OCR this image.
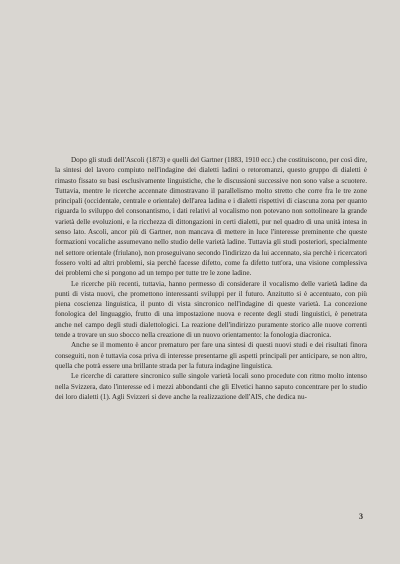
Dopo gli studi dell'Ascoli (1873) e quelli del Gartner (1883, 1910 ecc.) che costituiscono, per così dire, la sintesi del lavoro compiuto nell'indagine dei dialetti ladini o retoromanzi, questo gruppo di dialetti è rimasto fissato su basi esclusivamente linguistiche, che le discussioni successive non sono valse a scuotere. Tuttavia, mentre le ricerche accennate dimostravano il parallelismo molto stretto che corre fra le tre zone principali (occidentale, centrale e orientale) dell'area ladina e i dialetti rispettivi di ciascuna zona per quanto riguarda lo sviluppo del consonantismo, i dati relativi al vocalismo non potevano non sottolineare la grande varietà delle evoluzioni, e la ricchezza di dittongazioni in certi dialetti, pur nel quadro di una unità intesa in senso lato. Ascoli, ancor più di Gartner, non mancava di mettere in luce l'interesse preminente che queste formazioni vocaliche assumevano nello studio delle varietà ladine. Tuttavia gli studi posteriori, specialmente nel settore orientale (friulano), non proseguivano secondo l'indirizzo da lui accennato, sia perchè i ricercatori fossero volti ad altri problemi, sia perchè facesse difetto, come fa difetto tutt'ora, una visione complessiva dei problemi che si pongono ad un tempo per tutte tre le zone ladine.

Le ricerche più recenti, tuttavia, hanno permesso di considerare il vocalismo delle varietà ladine da punti di vista nuovi, che promettono interessanti sviluppi per il futuro. Anzitutto si è accentuato, con più piena coscienza linguistica, il punto di vista sincronico nell'indagine di queste varietà. La concezione fonologica del linguaggio, frutto di una impostazione nuova e recente degli studi linguistici, è penetrata anche nel campo degli studi dialettologici. La reazione dell'indirizzo puramente storico alle nuove correnti tende a trovare un suo sbocco nella creazione di un nuovo orientamento: la fonologia diacronica.

Anche se il momento è ancor prematuro per fare una sintesi di questi nuovi studi e dei risultati finora conseguiti, non è tuttavia cosa priva di interesse presentarne gli aspetti principali per anticipare, se non altro, quella che potrà essere una brillante strada per la futura indagine linguistica.

Le ricerche di carattere sincronico sulle singole varietà locali sono procedute con ritmo molto intenso nella Svizzera, dato l'interesse ed i mezzi abbondanti che gli Elvetici hanno saputo concentrare per lo studio dei loro dialetti (1). Agli Svizzeri si deve anche la realizzazione dell'AIS, che dedica nu-

3
